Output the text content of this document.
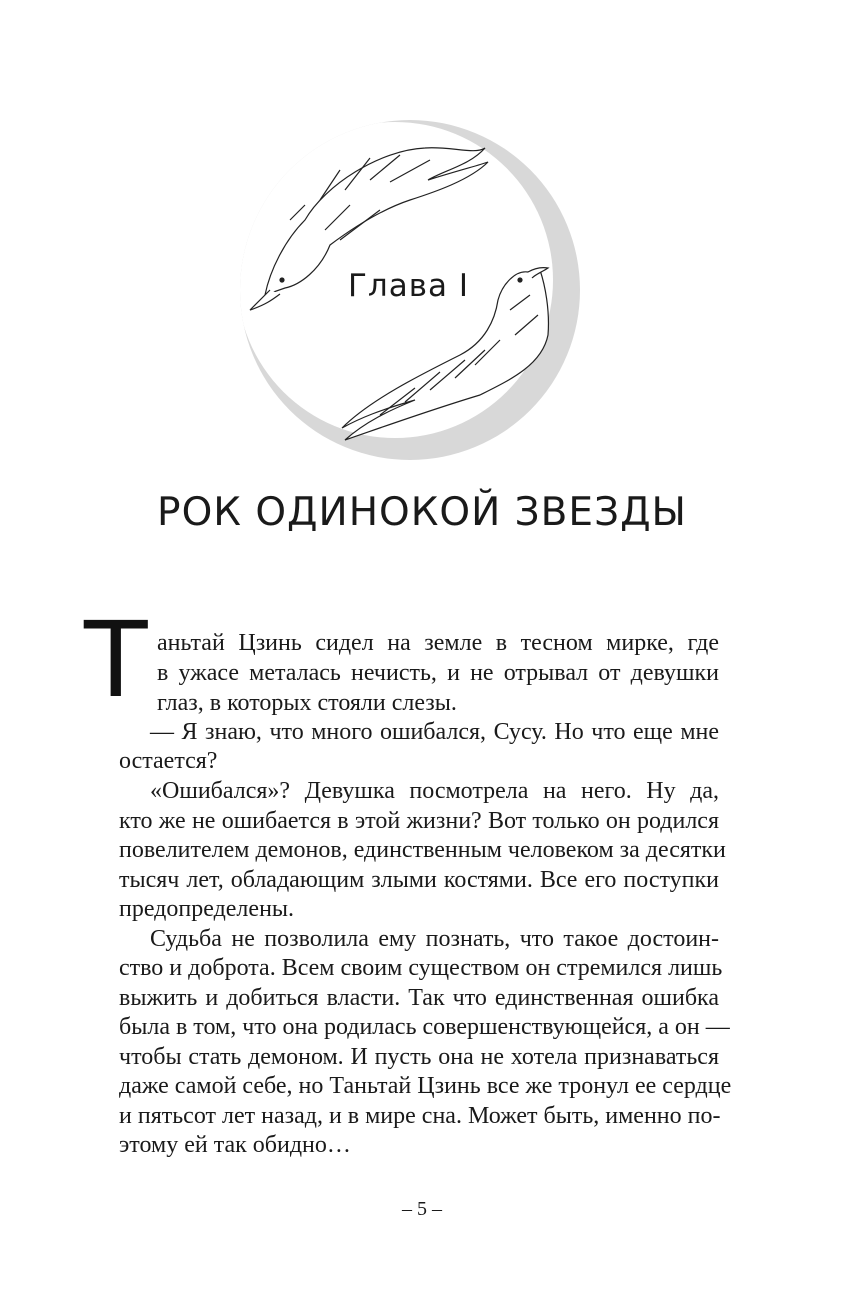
Глава I
РОК ОДИНОКОЙ ЗВЕЗДЫ
Т аньтай Цзинь сидел на земле в тесном мирке, где
в ужасе металась нечисть, и не отрывал от девушки
глаз, в которых стояли слезы.
— Я знаю, что много ошибался, Сусу. Но что еще мне
остается?
«Ошибался»? Девушка посмотрела на него. Ну да,
кто же не ошибается в этой жизни? Вот только он родился
повелителем демонов, единственным человеком за десятки
тысяч лет, обладающим злыми костями. Все его поступки
предопределены.
Судьба не позволила ему познать, что такое достоин-
ство и доброта. Всем своим существом он стремился лишь
выжить и добиться власти. Так что единственная ошибка
была в том, что она родилась совершенствующейся, а он —
чтобы стать демоном. И пусть она не хотела признаваться
даже самой себе, но Таньтай Цзинь все же тронул ее сердце
и пятьсот лет назад, и в мире сна. Может быть, именно по-
этому ей так обидно…
– 5 –
